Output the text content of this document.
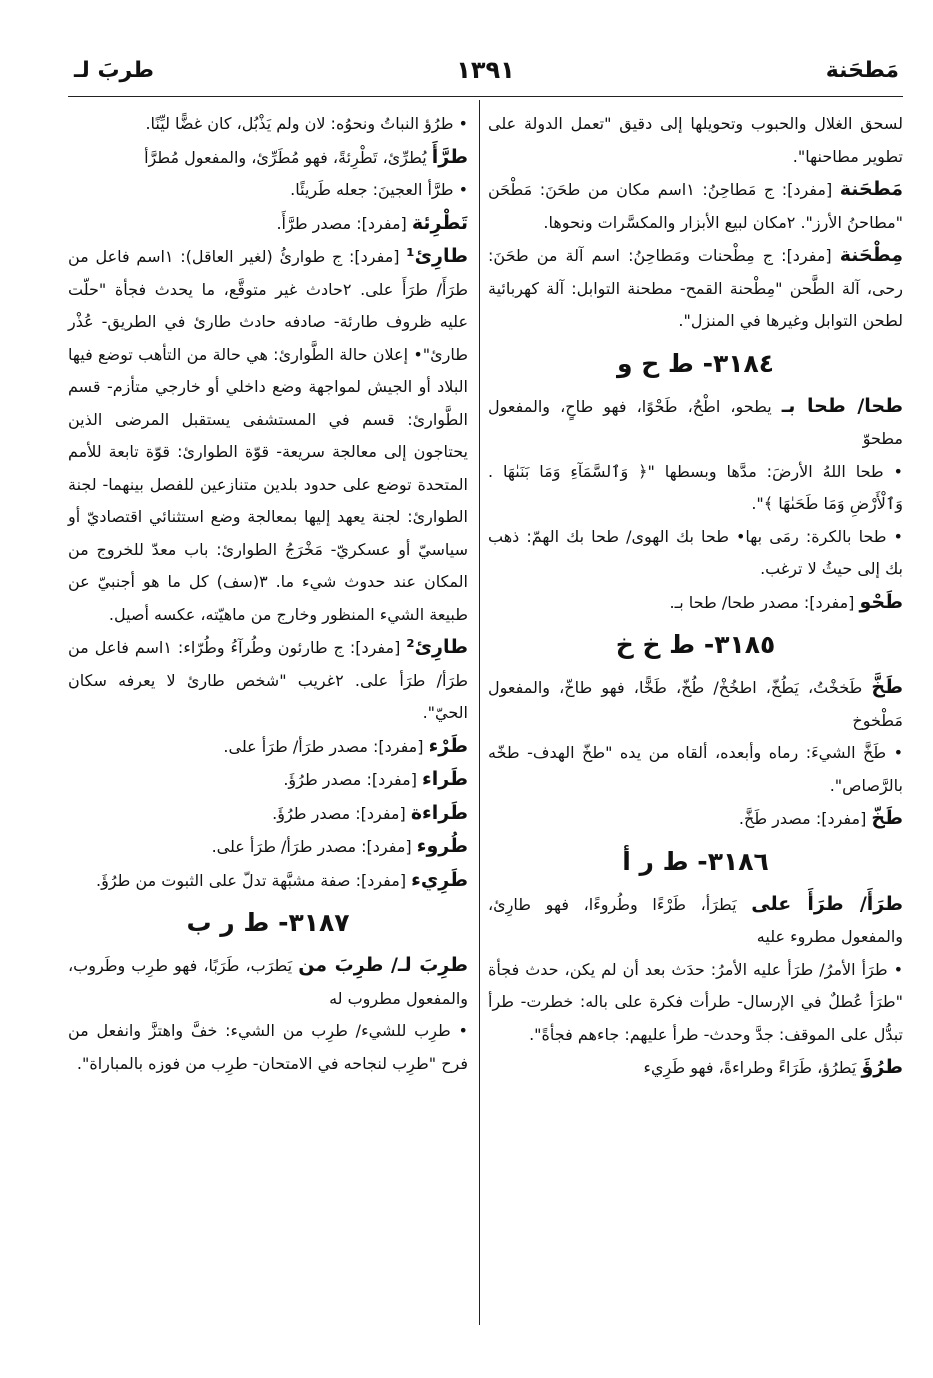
مَطحَنة
١٣٩١
طربَ لـ

لسحق الغلال والحبوب وتحويلها إلى دقيق "تعمل الدولة على تطوير مطاحنها".

مَطحَنة [مفرد]: ج مَطاحِنُ: ١اسم مكان من طحَنَ: مَطْحَن "مطاحنُ الأرز". ٢مكان لبيع الأبزار والمكسَّرات ونحوها.

مِطْحَنة [مفرد]: ج مِطْحنات ومَطاحِنُ: اسم آلة من طحَنَ: رحى، آلة الطَّحن "مِطْحنة القمح- مطحنة التوابل: آلة كهربائية لطحن التوابل وغيرها في المنزل".

٣١٨٤- ط ح و

طحا/ طحا بـ يطحو، اطْحُ، طَحْوًا، فهو طاحٍ، والمفعول مطحوّ

• طحا اللهُ الأرضَ: مدَّها وبسطها "﴿ وَٱلسَّمَآءِ وَمَا بَنَىٰهَا . وَٱلْأَرْضِ وَمَا طَحَىٰهَا ﴾".

• طحا بالكرة: رمَى بها• طحا بك الهوى/ طحا بك الهمّ: ذهب بك إلى حيثُ لا ترغب.

طَحْو [مفرد]: مصدر طحا/ طحا بـ.

٣١٨٥- ط خ خ

طَخَّ طَخخْتُ، يَطُخّ، اطخُخْ/ طُخّ، طَخًّا، فهو طاخّ، والمفعول مَطْخوخ

• طَخَّ الشيءَ: رماه وأبعده، ألقاه من يده "طخّ الهدف- طخّه بالرَّصاص".

طَخّ [مفرد]: مصدر طَخَّ.

٣١٨٦- ط ر أ

طرَأَ/ طرَأَ على يَطرَأ، طَرْءًا وطُروءًا، فهو طارِئ، والمفعول مطروء عليه

• طرَأ الأمرُ/ طرَأ عليه الأمرُ: حدَث بعد أن لم يكن، حدث فجأة "طرَأ عُطلٌ في الإرسال- طرأت فكرة على باله: خطرت- طرأ تبدُّل على الموقف: جدَّ وحدث- طرأ عليهم: جاءهم فجأةً".

طرُؤَ يَطرُؤ، طَرَاءً وطراءةً، فهو طَرِيء

• طرُؤ النباتُ ونحوُه: لان ولم يَذْبُل، كان غضًّا ليِّنًا.

طرَّأَ يُطرِّئ، تَطْرِئةً، فهو مُطَرِّئ، والمفعول مُطرَّأ

• طرَّأ العجينَ: جعله طَريئًا.

تَطْرِئة [مفرد]: مصدر طرَّأَ.

طارِئ¹ [مفرد]: ج طوارئُ (لغير العاقل): ١اسم فاعل من طرَأَ/ طرَأَ على. ٢حادث غير متوقَّع، ما يحدث فجأة "حلّت عليه ظروف طارئة- صادفه حادث طارئ في الطريق- عُذْر طارئ"• إعلان حالة الطَّوارئ: هي حالة من التأهب توضع فيها البلاد أو الجيش لمواجهة وضع داخلي أو خارجي متأزم- قسم الطَّوارئ: قسم في المستشفى يستقبل المرضى الذين يحتاجون إلى معالجة سريعة- قوّة الطوارئ: قوّة تابعة للأمم المتحدة توضع على حدود بلدين متنازعين للفصل بينهما- لجنة الطوارئ: لجنة يعهد إليها بمعالجة وضع استثنائي اقتصاديّ أو سياسيّ أو عسكريّ- مَخْرَجُ الطوارئ: باب معدّ للخروج من المكان عند حدوث شيء ما. ٣(سف) كل ما هو أجنبيّ عن طبيعة الشيء المنظور وخارج من ماهيّته، عكسه أصيل.

طارِئ² [مفرد]: ج طارئون وطُرآءُ وطُرّاء: ١اسم فاعل من طرَأ/ طرَأ على. ٢غريب "شخص طارئ لا يعرفه سكان الحيّ".

طَرْء [مفرد]: مصدر طرَأ/ طرَأ على.

طَراء [مفرد]: مصدر طرُؤَ.

طَراءة [مفرد]: مصدر طرُؤَ.

طُروء [مفرد]: مصدر طرَأ/ طرَأ على.

طَرِيء [مفرد]: صفة مشبَّهة تدلّ على الثبوت من طرُؤَ.

٣١٨٧- ط ر ب

طرِبَ لـ/ طرِبَ من يَطرَب، طَرَبًا، فهو طرِب وطَروب، والمفعول مطروب له

• طرِب للشيء/ طرِب من الشيء: خفَّ واهتزَّ وانفعل من فرح "طرِب لنجاحه في الامتحان- طرِب من فوزه بالمباراة".
